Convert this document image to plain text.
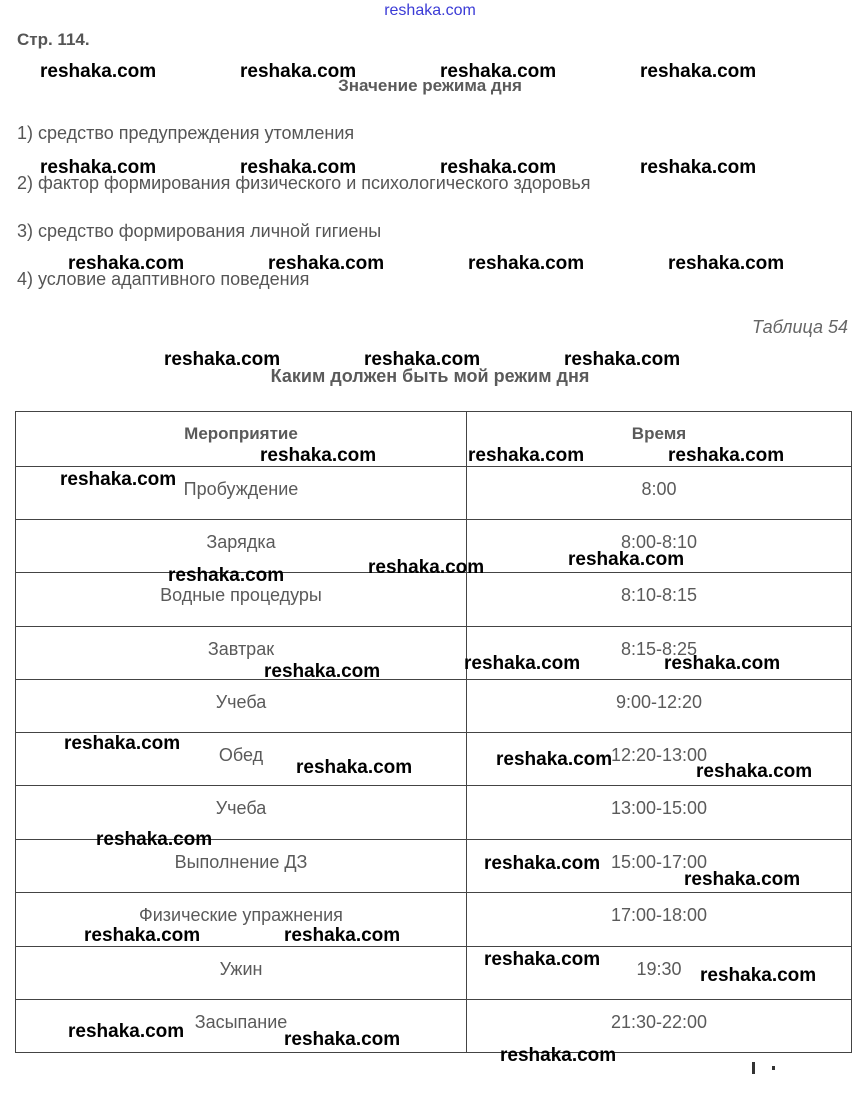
reshaka.com
Стр. 114.
Значение режима дня
1) средство предупреждения утомления
2) фактор формирования физического и психологического здоровья
3) средство формирования личной гигиены
4) условие адаптивного поведения
Таблица 54
Каким должен быть мой режим дня
Мероприятие	Время
Пробуждение	8:00
Зарядка	8:00-8:10
Водные процедуры	8:10-8:15
Завтрак	8:15-8:25
Учеба	9:00-12:20
Обед	12:20-13:00
Учеба	13:00-15:00
Выполнение ДЗ	15:00-17:00
Физические упражнения	17:00-18:00
Ужин	19:30
Засыпание	21:30-22:00
reshaka.com	reshaka.com	reshaka.com	reshaka.com
reshaka.com	reshaka.com	reshaka.com	reshaka.com
reshaka.com	reshaka.com	reshaka.com	reshaka.com
reshaka.com	reshaka.com	reshaka.com
reshaka.com	reshaka.com	reshaka.com
reshaka.com
reshaka.com
reshaka.com
reshaka.com
reshaka.com	reshaka.com
reshaka.com
reshaka.com
reshaka.com
reshaka.com	reshaka.com
reshaka.com
reshaka.com
reshaka.com
reshaka.com	reshaka.com
reshaka.com
reshaka.com
reshaka.com	reshaka.com
reshaka.com
